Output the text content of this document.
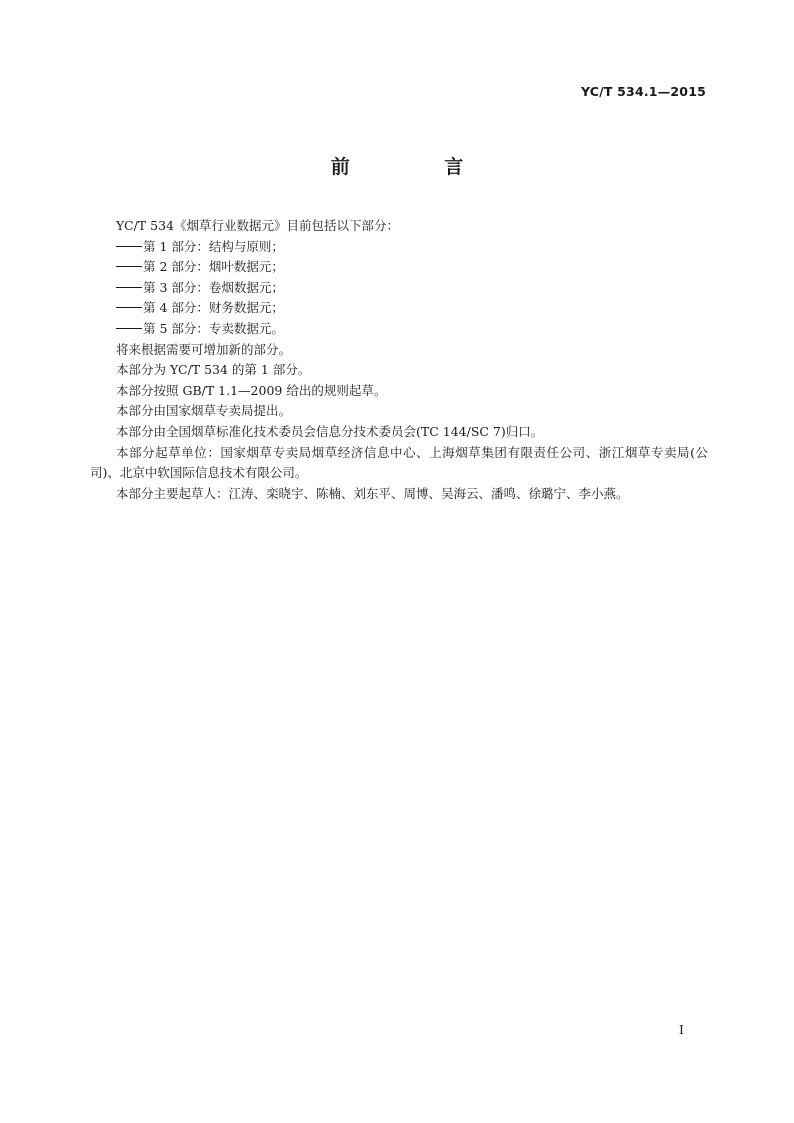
YC/T 534.1—2015
前 言

YC/T 534《烟草行业数据元》目前包括以下部分：

第 1 部分：结构与原则；

第 2 部分：烟叶数据元；

第 3 部分：卷烟数据元；

第 4 部分：财务数据元；

第 5 部分：专卖数据元。

将来根据需要可增加新的部分。

本部分为 YC/T 534 的第 1 部分。

本部分按照 GB/T 1.1—2009 给出的规则起草。

本部分由国家烟草专卖局提出。

本部分由全国烟草标准化技术委员会信息分技术委员会(TC 144/SC 7)归口。

本部分起草单位：国家烟草专卖局烟草经济信息中心、上海烟草集团有限责任公司、浙江烟草专卖局(公司)、北京中软国际信息技术有限公司。

本部分主要起草人：江涛、栾晓宇、陈楠、刘东平、周博、吴海云、潘鸣、徐璐宁、李小燕。

I
